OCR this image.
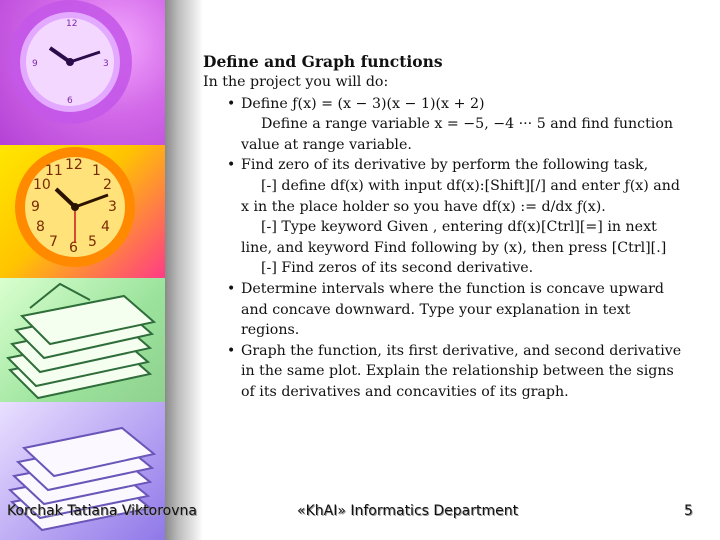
12
3
6
9
12 1
2
3
4
5
6
7
8
9
10
11
Define and Graph functions
In the project you will do:
• Define ƒ(x) = (x − 3)(x − 1)(x + 2)
Define a range variable x = −5, −4 ··· 5 and find function value at range variable.
• Find zero of its derivative by perform the following task,
[-] define df(x) with input df(x):[Shift][/] and enter ƒ(x) and x in the place holder so you have df(x) := d/dx ƒ(x).
[-] Type keyword Given , entering df(x)[Ctrl][=] in next line, and keyword Find following by (x), then press [Ctrl][.]
[-] Find zeros of its second derivative.
• Determine intervals where the function is concave upward and concave downward. Type your explanation in text regions.
• Graph the function, its first derivative, and second derivative in the same plot. Explain the relationship between the signs of its derivatives and concavities of its graph.
Korchak Tatiana Viktorovna	«KhAI» Informatics Department	5
